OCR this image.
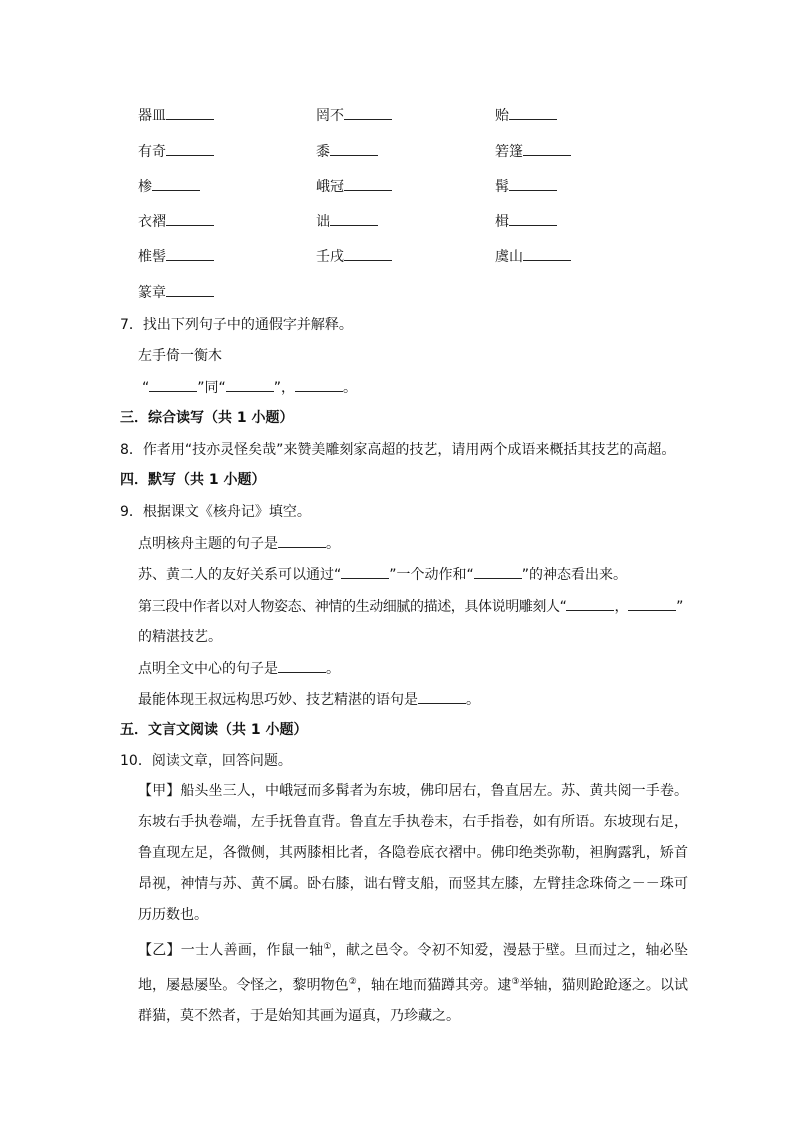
器皿	罔不	贻
有奇	黍	箬篷
椮	峨冠	髯
衣褶	诎	楫
椎髻	壬戌	虞山
篆章
7．找出下列句子中的通假字并解释。
左手倚一衡木
“	”同“	”，	。
三．综合读写（共 1 小题）
8．作者用“技亦灵怪矣哉”来赞美雕刻家高超的技艺，请用两个成语来概括其技艺的高超。
四．默写（共 1 小题）
9．根据课文《核舟记》填空。
点明核舟主题的句子是	。
苏、黄二人的友好关系可以通过“	”一个动作和“	”的神态看出来。
第三段中作者以对人物姿态、神情的生动细腻的描述，具体说明雕刻人“	，	”
的精湛技艺。
点明全文中心的句子是	。
最能体现王叔远构思巧妙、技艺精湛的语句是	。
五．文言文阅读（共 1 小题）
10．阅读文章，回答问题。
【甲】船头坐三人，中峨冠而多髯者为东坡，佛印居右，鲁直居左。苏、黄共阅一手卷。东坡右手执卷端，左手抚鲁直背。鲁直左手执卷末，右手指卷，如有所语。东坡现右足，鲁直现左足，各微侧，其两膝相比者，各隐卷底衣褶中。佛印绝类弥勒，袒胸露乳，矫首昂视，神情与苏、黄不属。卧右膝，诎右臂支船，而竖其左膝，左臂挂念珠倚之－－珠可历历数也。
【乙】一士人善画，作鼠一轴①，献之邑令。令初不知爱，漫悬于壁。旦而过之，轴必坠地，屡悬屡坠。令怪之，黎明物色②，轴在地而猫蹲其旁。逮③举轴，猫则跄跄逐之。以试群猫，莫不然者，于是始知其画为逼真，乃珍藏之。
